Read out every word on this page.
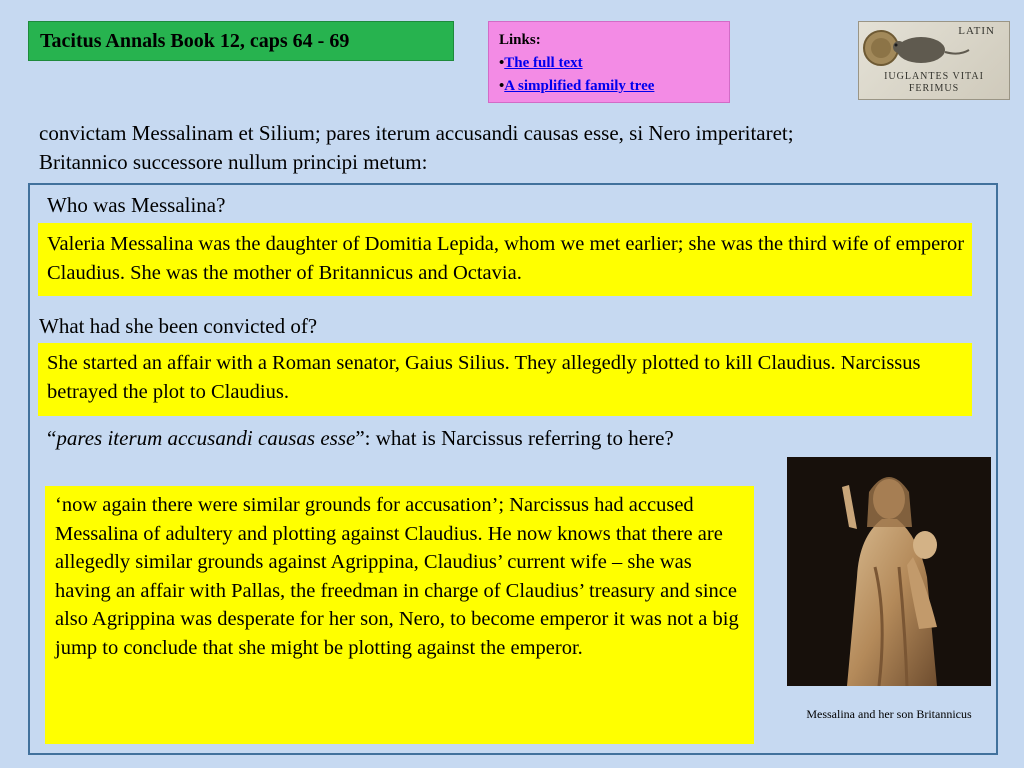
Tacitus Annals Book 12, caps 64 - 69	Links:
•The full text
•A simplified family tree
LATIN
IUGLANTES VITAI
FERIMUS
convictam Messalinam et Silium; pares iterum accusandi causas esse, si Nero imperitaret; Britannico successore nullum principi metum:
Who was Messalina?
Valeria Messalina was the daughter of Domitia Lepida, whom we met earlier; she was the third wife of emperor Claudius. She was the mother of Britannicus and Octavia.
What had she been convicted of?
She started an affair with a Roman senator, Gaius Silius. They allegedly plotted to kill Claudius. Narcissus betrayed the plot to Claudius.
“pares iterum accusandi causas esse”: what is Narcissus referring to here?
‘now again there were similar grounds for accusation’; Narcissus had accused Messalina of adultery and plotting against Claudius. He now knows that there are allegedly similar grounds against Agrippina, Claudius’ current wife – she was having an affair with Pallas, the freedman in charge of Claudius’ treasury and since also Agrippina was desperate for her son, Nero, to become emperor it was not a big jump to conclude that she might be plotting against the emperor.
Messalina and her son Britannicus
